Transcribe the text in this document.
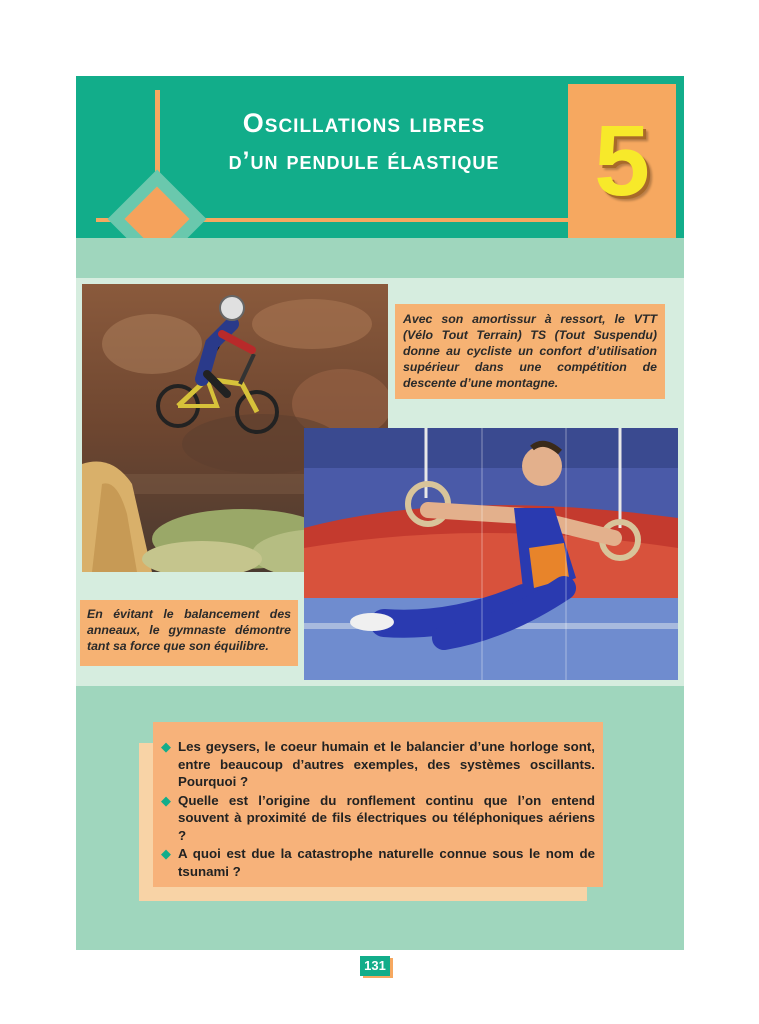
Oscillations libres
d’un pendule élastique 5
Avec son amortissur à ressort, le VTT (Vélo Tout Terrain) TS (Tout Suspendu) donne au cycliste un confort d’utilisation supérieur dans une compétition de descente d’une montagne.
En évitant le balancement des anneaux, le gymnaste démontre tant sa force que son équilibre.
◆ Les geysers, le coeur humain et le balancier d’une horloge sont, entre beaucoup d’autres exemples, des systèmes oscillants. Pourquoi ?
◆ Quelle est l’origine du ronflement continu que l’on entend souvent à proximité de fils électriques ou téléphoniques aériens ?
◆ A quoi est due la catastrophe naturelle connue sous le nom de tsunami ?
131
